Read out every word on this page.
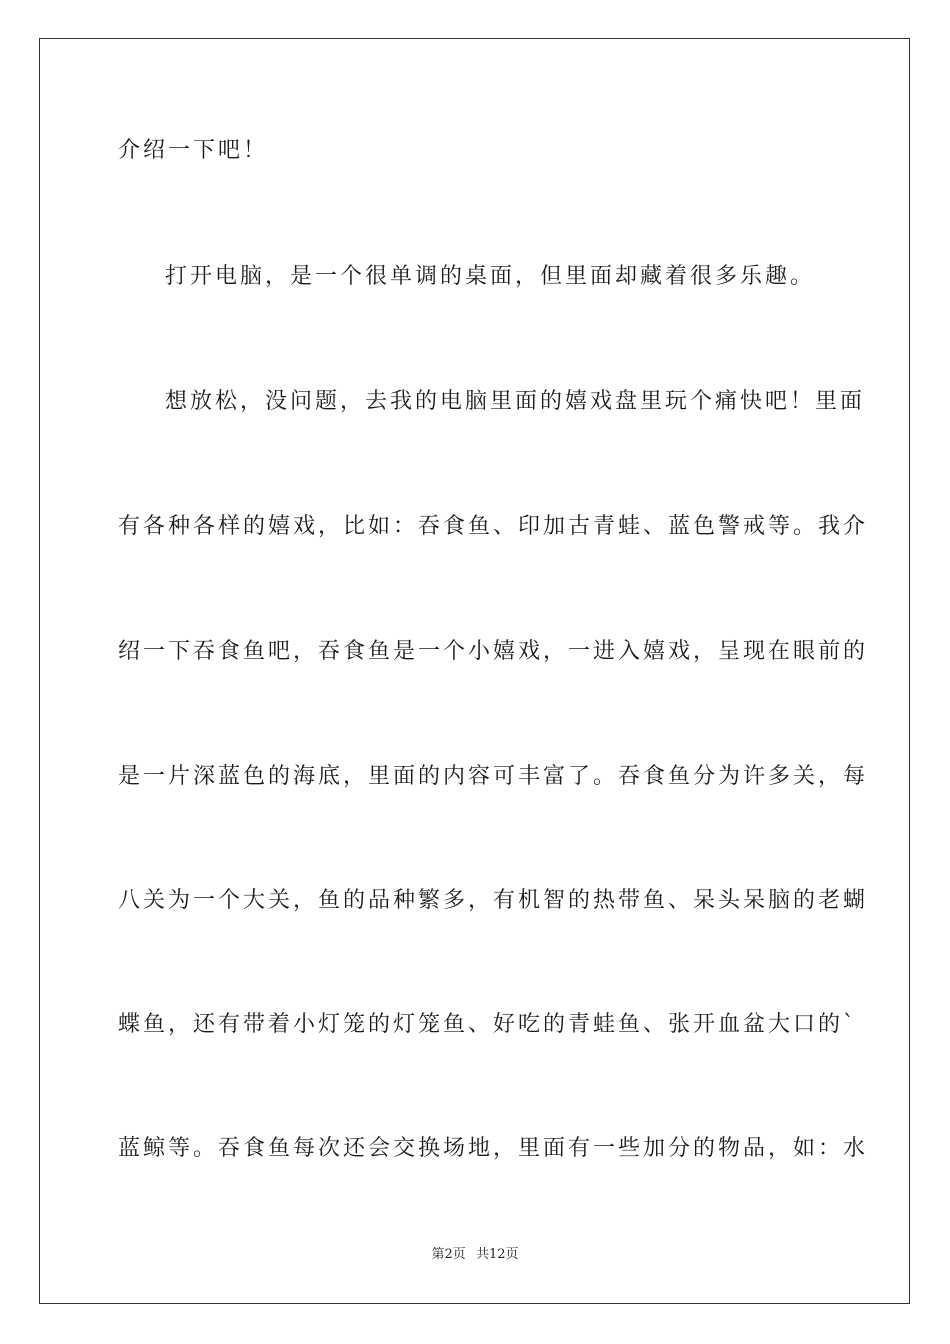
介绍一下吧！
打开电脑，是一个很单调的桌面，但里面却藏着很多乐趣。
想放松，没问题，去我的电脑里面的嬉戏盘里玩个痛快吧！里面
有各种各样的嬉戏，比如：吞食鱼、印加古青蛙、蓝色警戒等。我介
绍一下吞食鱼吧，吞食鱼是一个小嬉戏，一进入嬉戏，呈现在眼前的
是一片深蓝色的海底，里面的内容可丰富了。吞食鱼分为许多关，每
八关为一个大关，鱼的品种繁多，有机智的热带鱼、呆头呆脑的老蝴
蝶鱼，还有带着小灯笼的灯笼鱼、好吃的青蛙鱼、张开血盆大口的`
蓝鲸等。吞食鱼每次还会交换场地，里面有一些加分的物品，如：水
第2页 共12页
